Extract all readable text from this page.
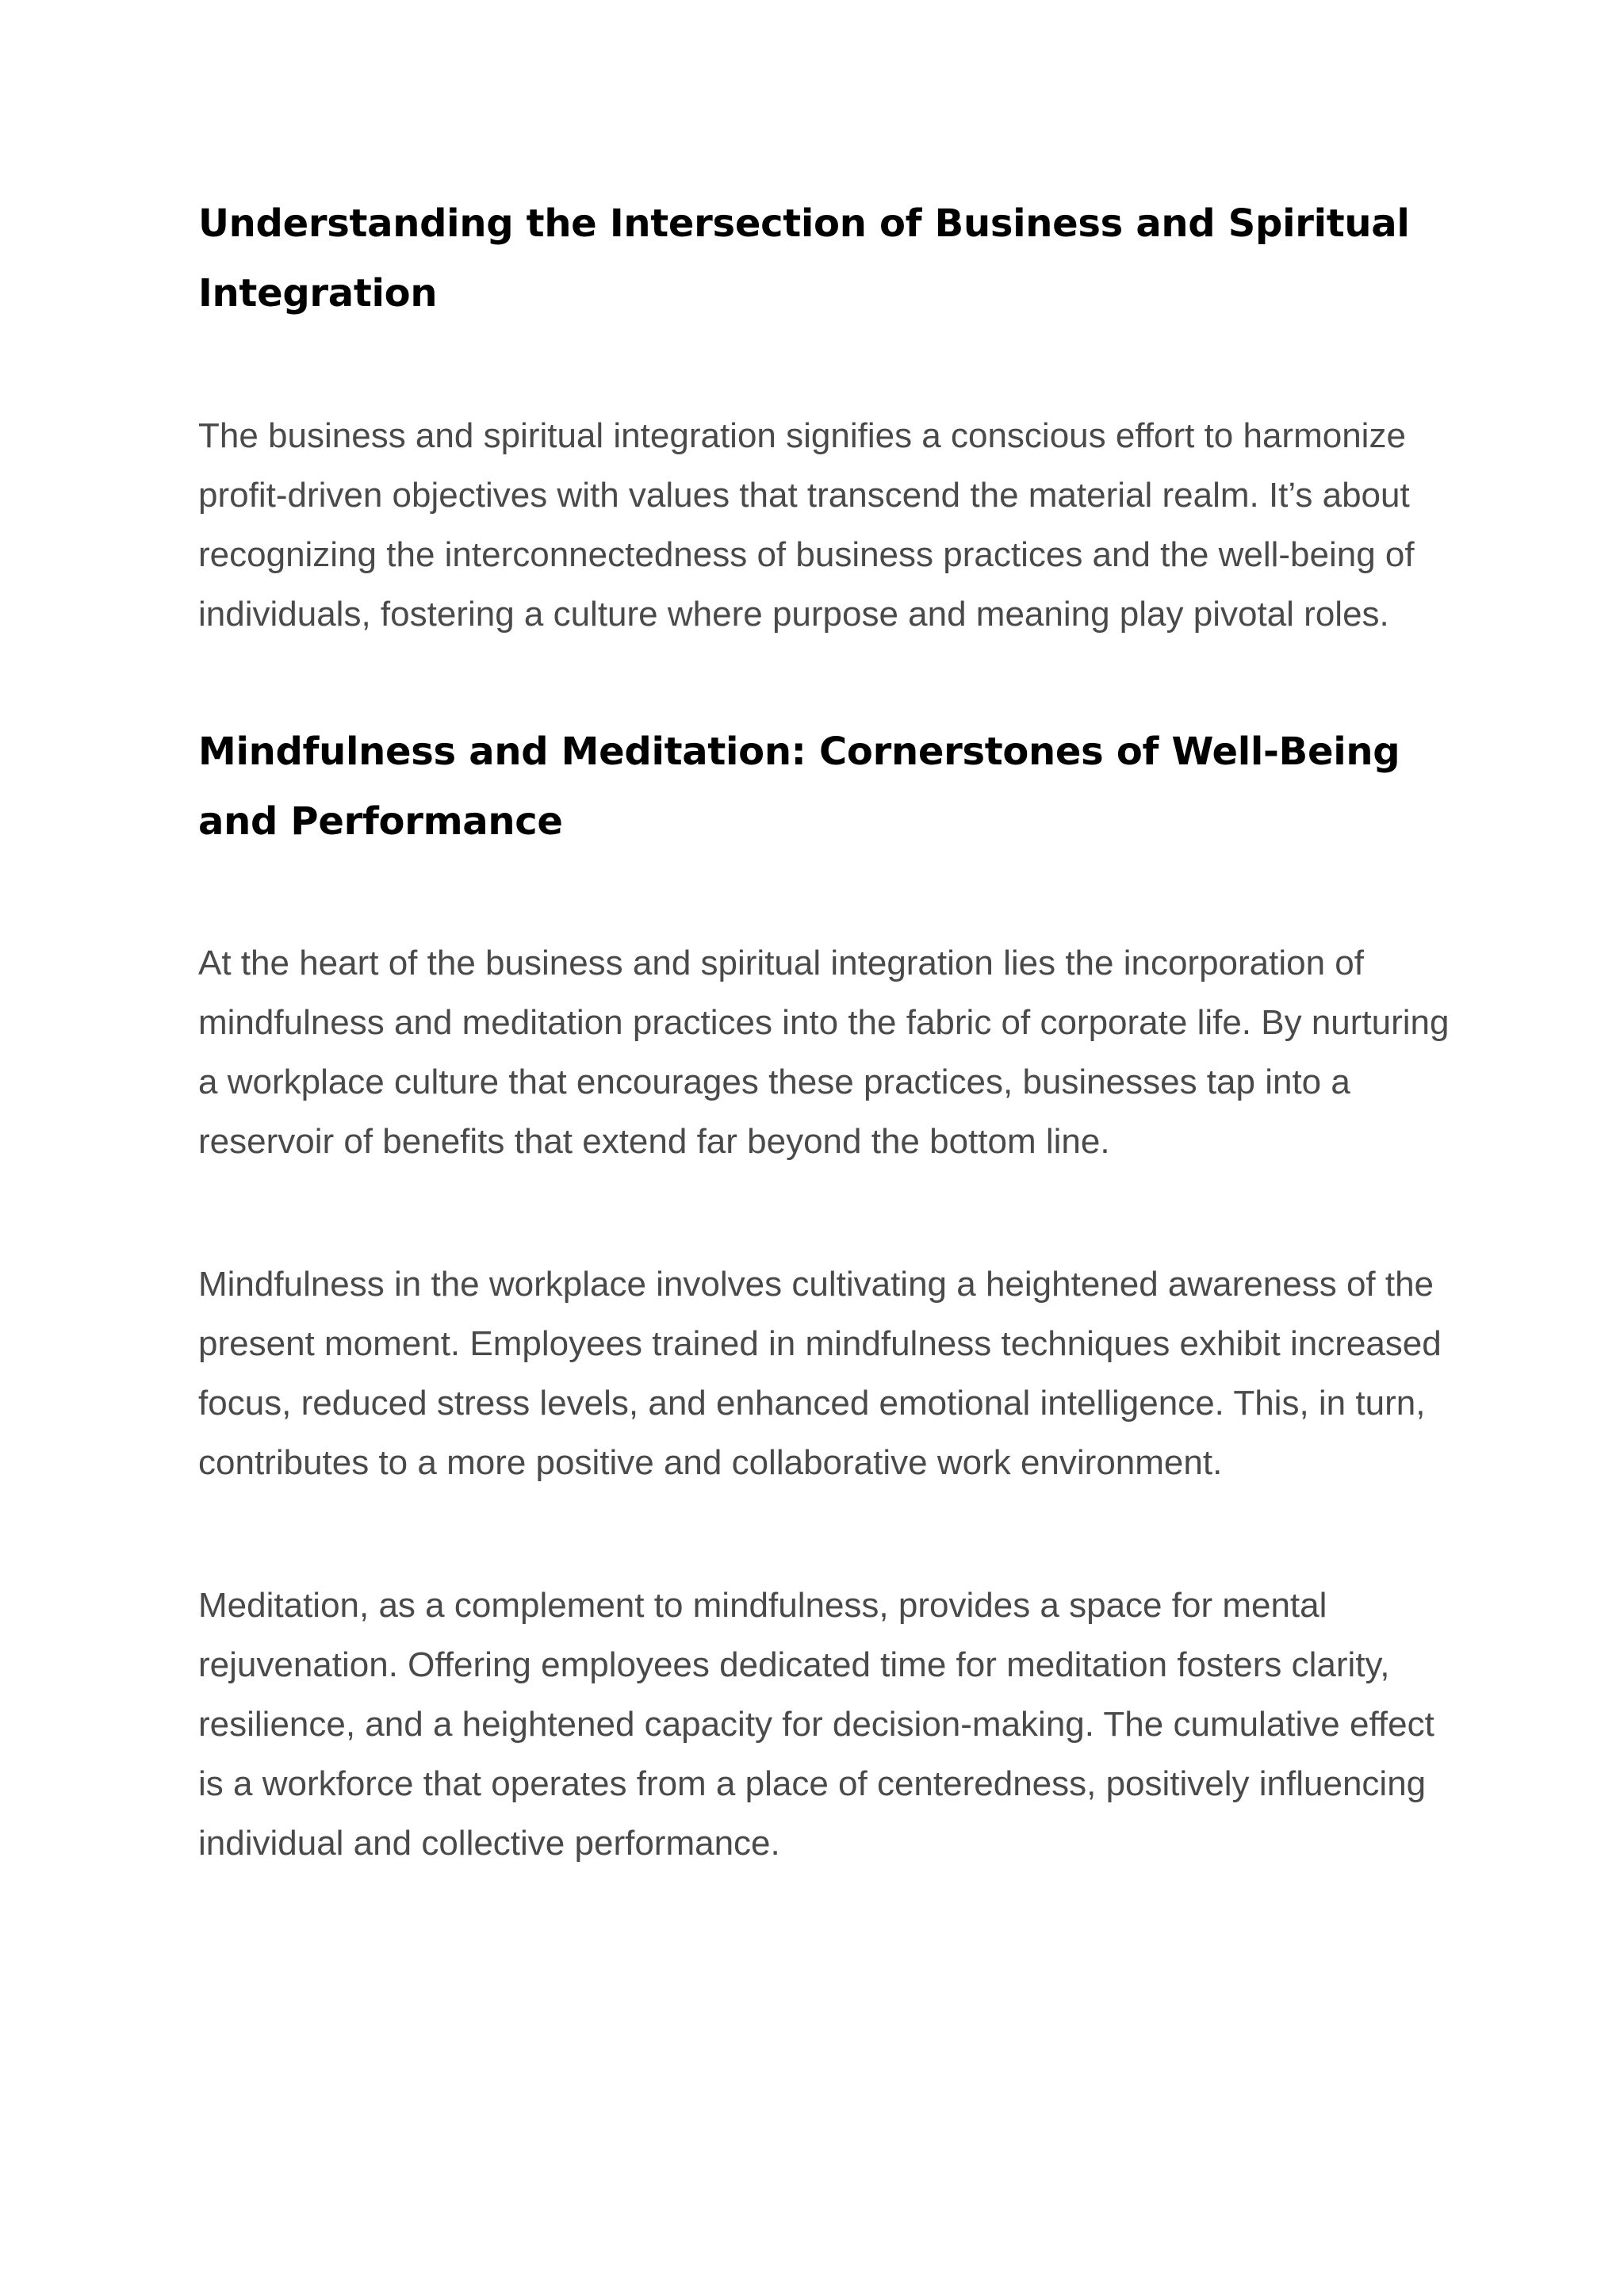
Understanding the Intersection of Business and Spiritual Integration

The business and spiritual integration signifies a conscious effort to harmonize profit-driven objectives with values that transcend the material realm. It’s about recognizing the interconnectedness of business practices and the well-being of individuals, fostering a culture where purpose and meaning play pivotal roles.

Mindfulness and Meditation: Cornerstones of Well-Being and Performance

At the heart of the business and spiritual integration lies the incorporation of mindfulness and meditation practices into the fabric of corporate life. By nurturing a workplace culture that encourages these practices, businesses tap into a reservoir of benefits that extend far beyond the bottom line.

Mindfulness in the workplace involves cultivating a heightened awareness of the present moment. Employees trained in mindfulness techniques exhibit increased focus, reduced stress levels, and enhanced emotional intelligence. This, in turn, contributes to a more positive and collaborative work environment.

Meditation, as a complement to mindfulness, provides a space for mental rejuvenation. Offering employees dedicated time for meditation fosters clarity, resilience, and a heightened capacity for decision-making. The cumulative effect is a workforce that operates from a place of centeredness, positively influencing individual and collective performance.
